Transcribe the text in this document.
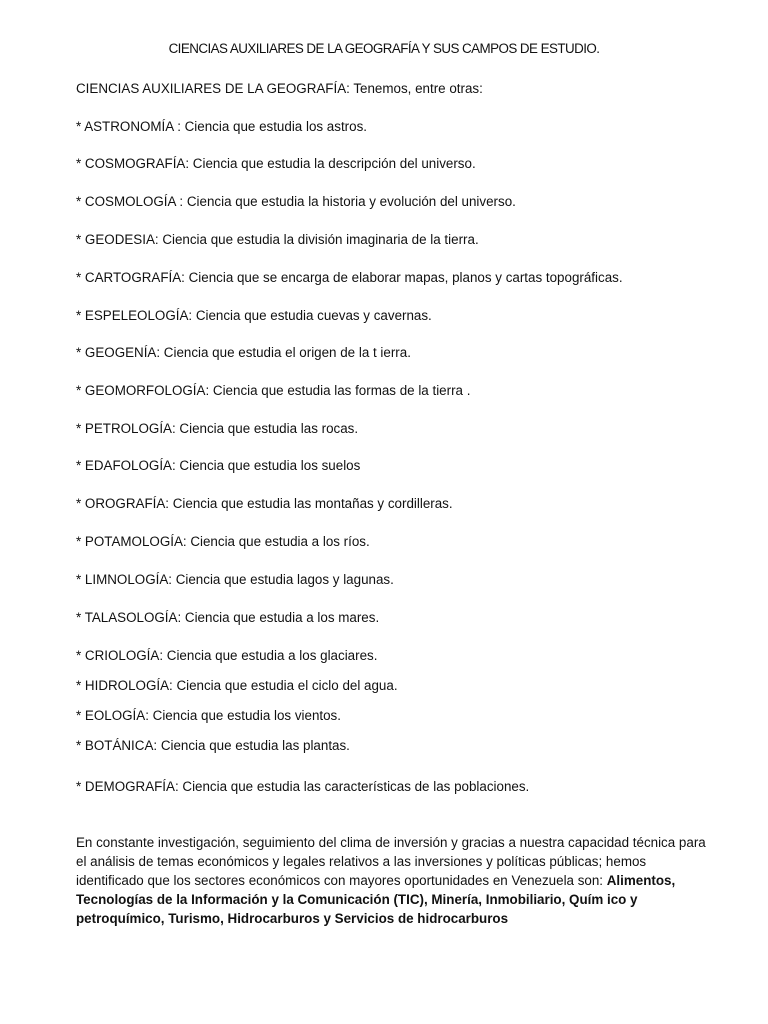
CIENCIAS AUXILIARES DE LA GEOGRAFÍA Y SUS CAMPOS DE ESTUDIO.
CIENCIAS AUXILIARES DE LA GEOGRAFÍA: Tenemos, entre otras:
* ASTRONOMÍA : Ciencia que estudia los astros.
* COSMOGRAFÍA: Ciencia que estudia la descripción del universo.
* COSMOLOGÍA : Ciencia que estudia la historia y evolución del universo.
* GEODESIA: Ciencia que estudia la división imaginaria de la tierra.
* CARTOGRAFÍA: Ciencia que se encarga de elaborar mapas, planos y cartas topográficas.
* ESPELEOLOGÍA: Ciencia que estudia cuevas y cavernas.
* GEOGENÍA: Ciencia que estudia el origen de la t ierra.
* GEOMORFOLOGÍA: Ciencia que estudia las formas de la tierra .
* PETROLOGÍA: Ciencia que estudia las rocas.
* EDAFOLOGÍA: Ciencia que estudia los suelos
* OROGRAFÍA: Ciencia que estudia las montañas y cordilleras.
* POTAMOLOGÍA: Ciencia que estudia a los ríos.
* LIMNOLOGÍA: Ciencia que estudia lagos y lagunas.
* TALASOLOGÍA: Ciencia que estudia a los mares.
* CRIOLOGÍA: Ciencia que estudia a los glaciares.
* HIDROLOGÍA: Ciencia que estudia el ciclo del agua.
* EOLOGÍA: Ciencia que estudia los vientos.
* BOTÁNICA: Ciencia que estudia las plantas.
* DEMOGRAFÍA: Ciencia que estudia las características de las poblaciones.
En constante investigación, seguimiento del clima de inversión y gracias a nuestra capacidad técnica para el análisis de temas económicos y legales relativos a las inversiones y políticas públicas; hemos identificado que los sectores económicos con mayores oportunidades en Venezuela son: Alimentos, Tecnologías de la Información y la Comunicación (TIC), Minería, Inmobiliario, Quím ico y petroquímico, Turismo, Hidrocarburos y Servicios de hidrocarburos
